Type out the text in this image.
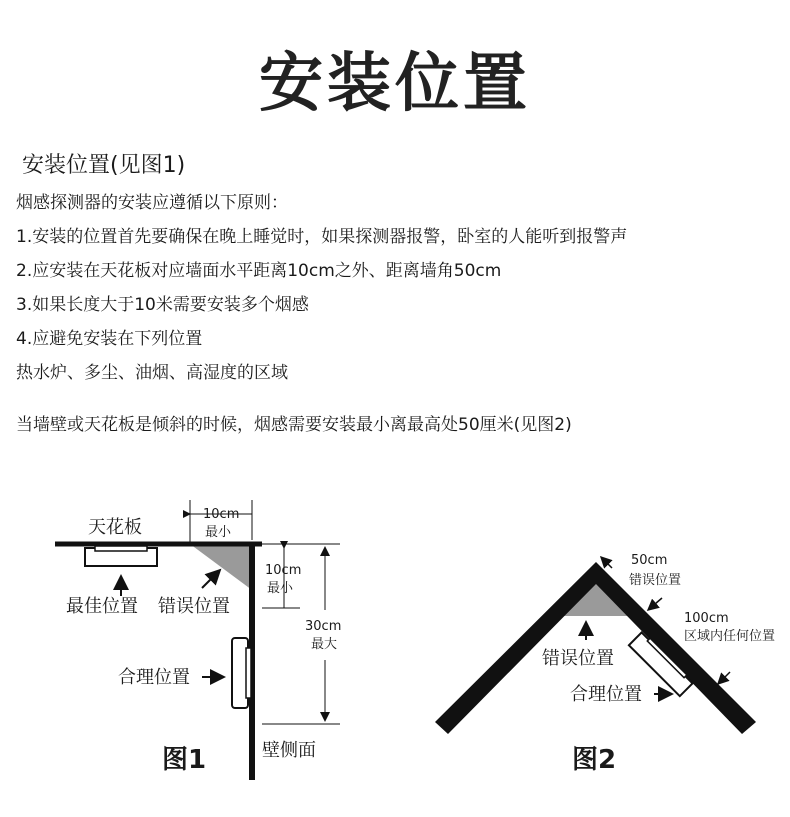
安装位置
安装位置(见图1)
烟感探测器的安装应遵循以下原则：
1.安装的位置首先要确保在晚上睡觉时，如果探测器报警，卧室的人能听到报警声
2.应安装在天花板对应墙面水平距离10cm之外、距离墙角50cm
3.如果长度大于10米需要安装多个烟感
4.应避免安装在下列位置
热水炉、多尘、油烟、高湿度的区域
当墙壁或天花板是倾斜的时候，烟感需要安装最小离最高处50厘米(见图2)
10cm
最小
10cm
最小
30cm
最大
天花板
最佳位置 错误位置
合理位置
壁侧面
图1
50cm
错误位置
100cm
区域内任何位置
错误位置
合理位置
图2
